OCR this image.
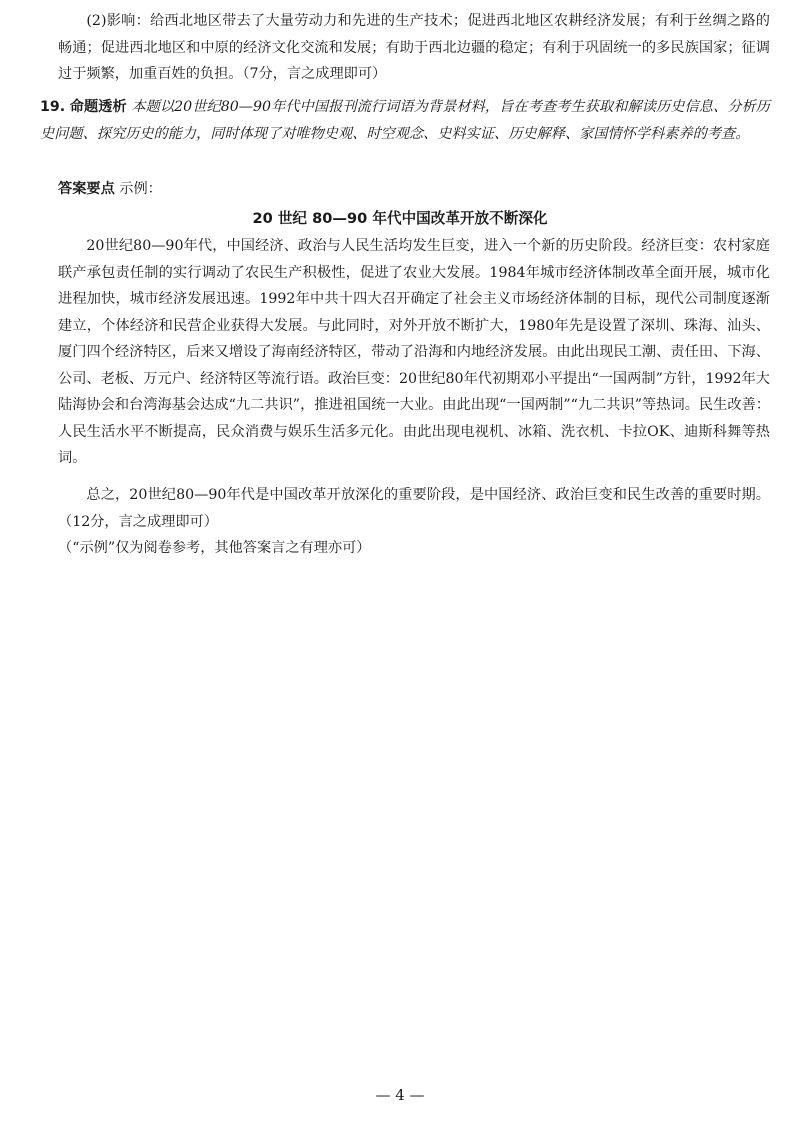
(2)影响：给西北地区带去了大量劳动力和先进的生产技术；促进西北地区农耕经济发展；有利于丝绸之路的畅通；促进西北地区和中原的经济文化交流和发展；有助于西北边疆的稳定；有利于巩固统一的多民族国家；征调过于频繁，加重百姓的负担。（7分，言之成理即可）
19. 命题透析 本题以20世纪80—90年代中国报刊流行词语为背景材料，旨在考查考生获取和解读历史信息、分析历史问题、探究历史的能力，同时体现了对唯物史观、时空观念、史料实证、历史解释、家国情怀学科素养的考查。
答案要点 示例：
20 世纪 80—90 年代中国改革开放不断深化
20世纪80—90年代，中国经济、政治与人民生活均发生巨变，进入一个新的历史阶段。经济巨变：农村家庭联产承包责任制的实行调动了农民生产积极性，促进了农业大发展。1984年城市经济体制改革全面开展，城市化进程加快，城市经济发展迅速。1992年中共十四大召开确定了社会主义市场经济体制的目标，现代公司制度逐渐建立，个体经济和民营企业获得大发展。与此同时，对外开放不断扩大，1980年先是设置了深圳、珠海、汕头、厦门四个经济特区，后来又增设了海南经济特区，带动了沿海和内地经济发展。由此出现民工潮、责任田、下海、公司、老板、万元户、经济特区等流行语。政治巨变：20世纪80年代初期邓小平提出“一国两制”方针，1992年大陆海协会和台湾海基会达成“九二共识”，推进祖国统一大业。由此出现“一国两制”“九二共识”等热词。民生改善：人民生活水平不断提高，民众消费与娱乐生活多元化。由此出现电视机、冰箱、洗衣机、卡拉OK、迪斯科舞等热词。
总之，20世纪80—90年代是中国改革开放深化的重要阶段，是中国经济、政治巨变和民生改善的重要时期。（12分，言之成理即可）
（“示例”仅为阅卷参考，其他答案言之有理亦可）
— 4 —
